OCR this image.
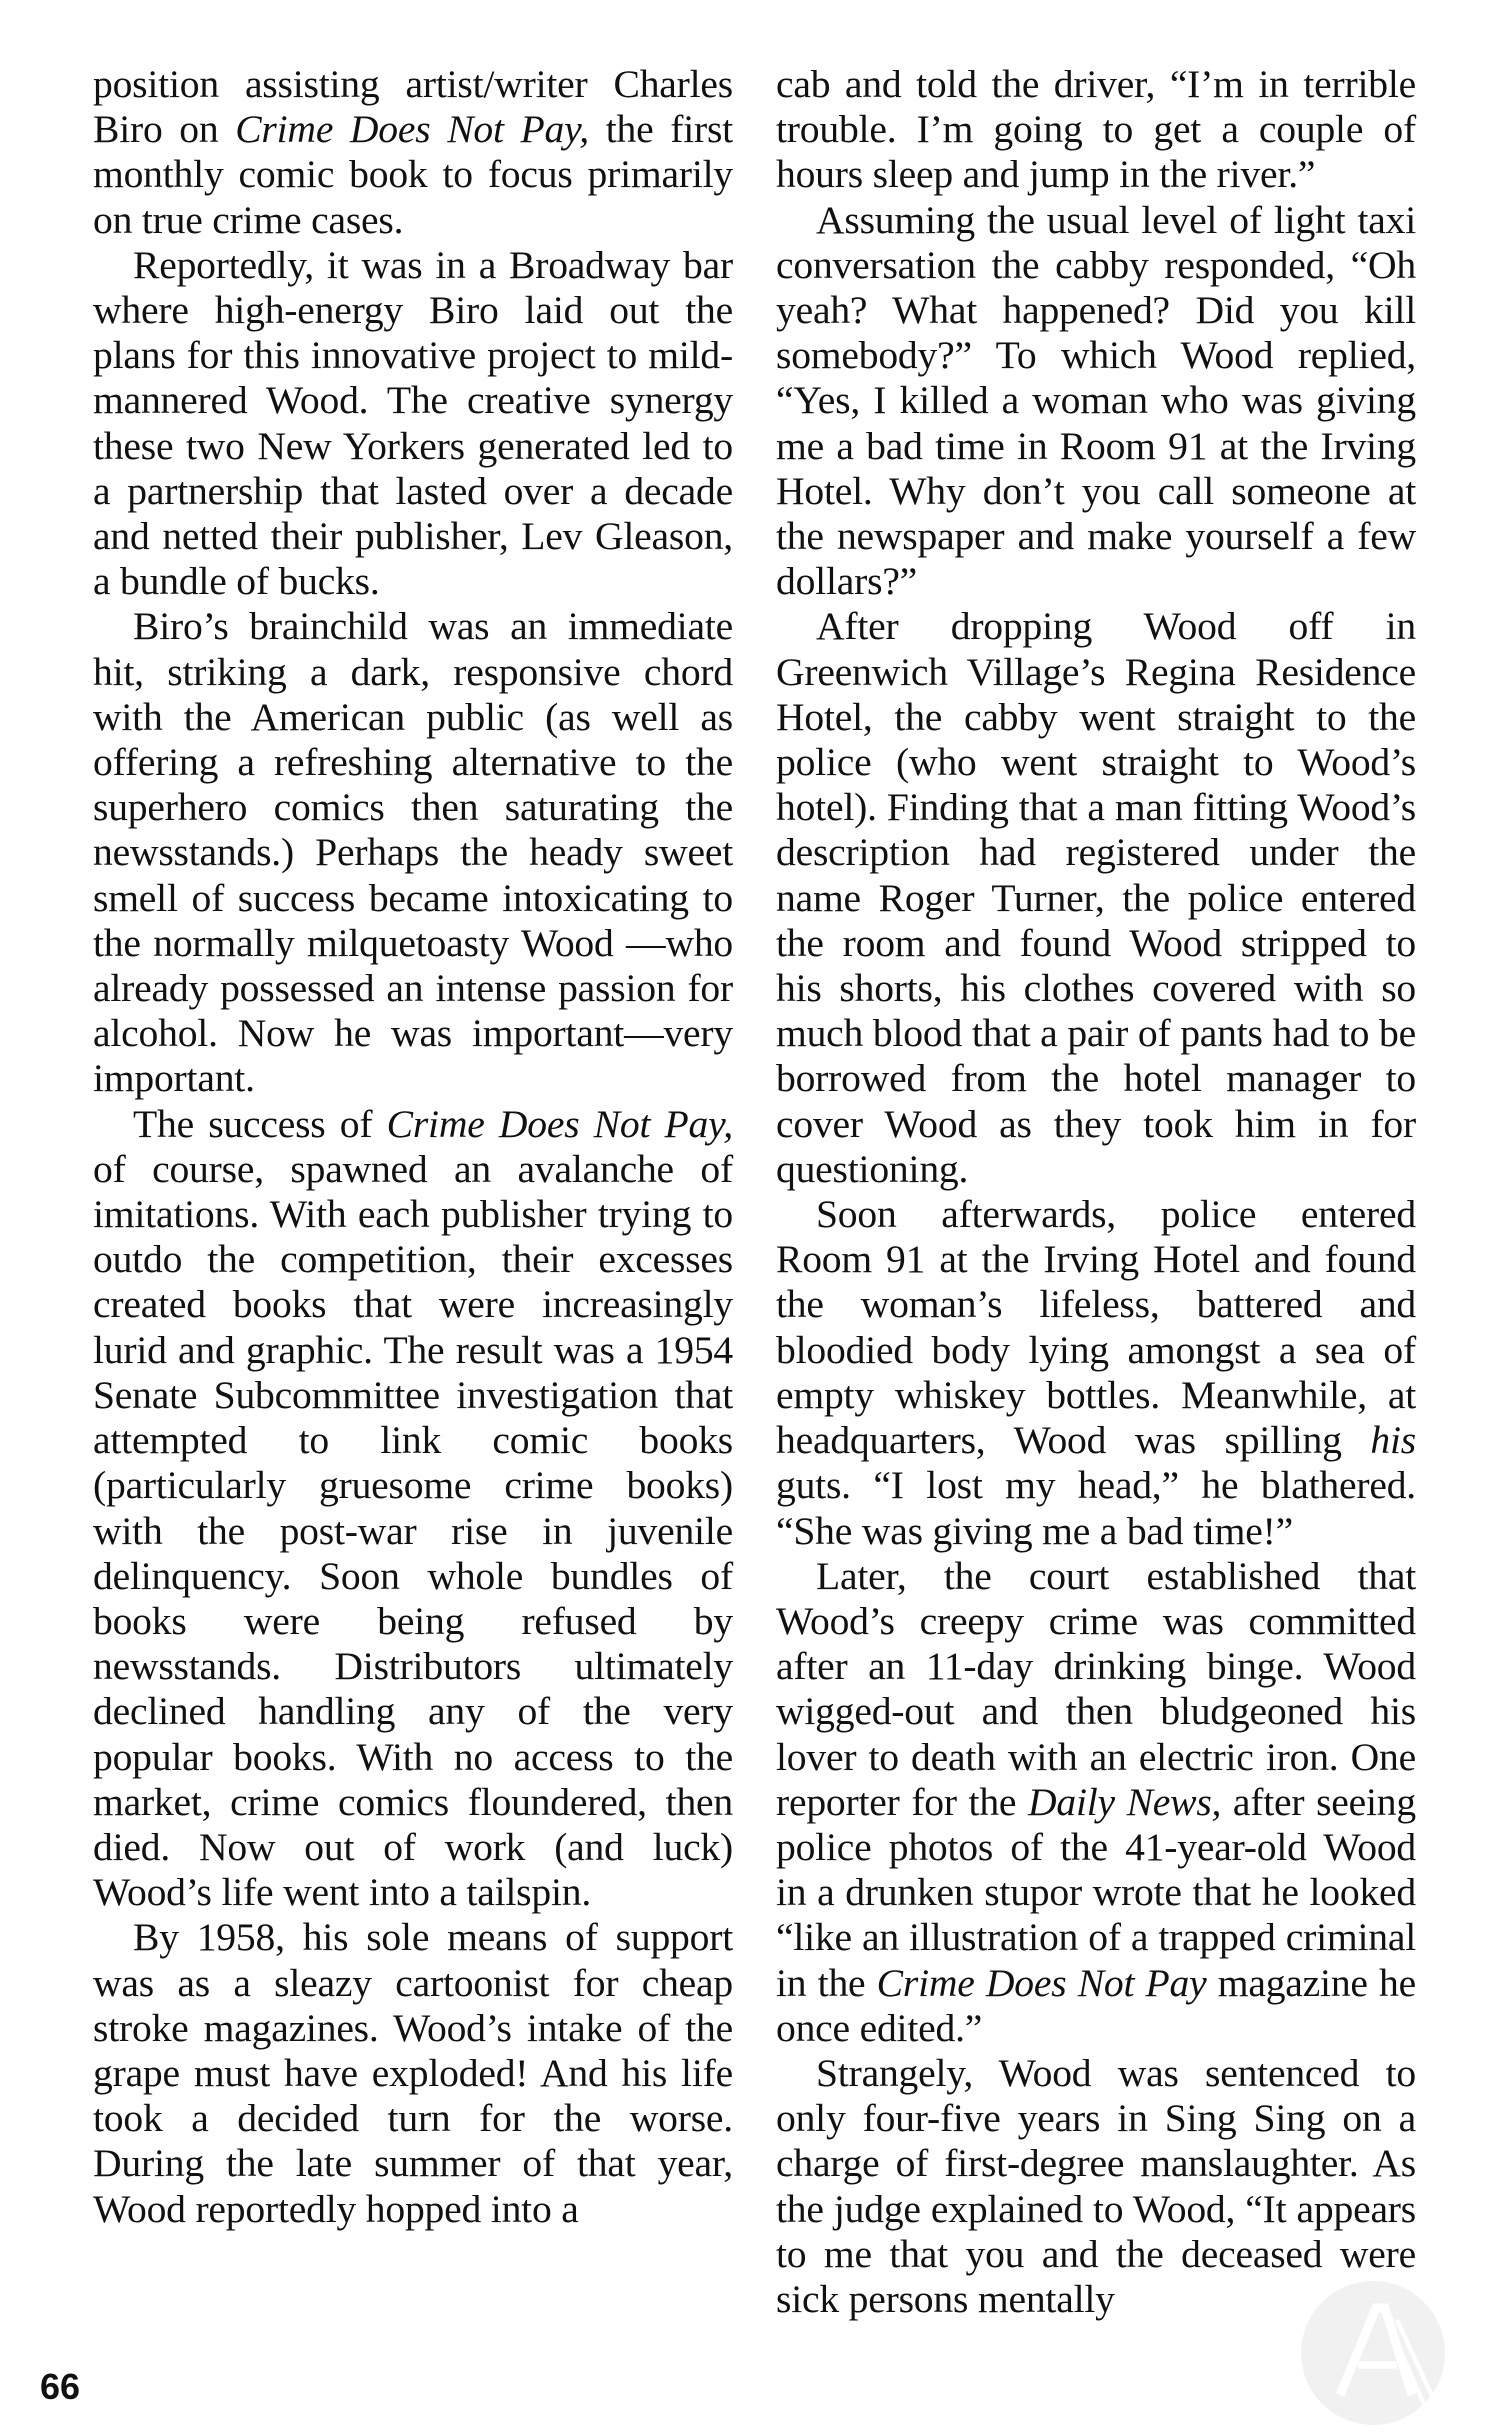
position assisting artist/writer Charles Biro on Crime Does Not Pay, the first monthly comic book to focus primarily on true crime cases.

Reportedly, it was in a Broadway bar where high-energy Biro laid out the plans for this innovative project to mild-mannered Wood. The creative synergy these two New Yorkers generated led to a partnership that lasted over a decade and netted their publisher, Lev Gleason, a bundle of bucks.

Biro’s brainchild was an immediate hit, striking a dark, responsive chord with the American public (as well as offering a refreshing alternative to the superhero comics then saturating the newsstands.) Perhaps the heady sweet smell of success became intoxicating to the normally milquetoasty Wood —who already possessed an intense passion for alcohol. Now he was important—very important.

The success of Crime Does Not Pay, of course, spawned an avalanche of imitations. With each publisher trying to outdo the competition, their excesses created books that were increasingly lurid and graphic. The result was a 1954 Senate Subcommittee investigation that attempted to link comic books (particularly gruesome crime books) with the post-war rise in juvenile delinquency. Soon whole bundles of books were being refused by newsstands. Distributors ultimately declined handling any of the very popular books. With no access to the market, crime comics floundered, then died. Now out of work (and luck) Wood’s life went into a tailspin.

By 1958, his sole means of support was as a sleazy cartoonist for cheap stroke magazines. Wood’s intake of the grape must have exploded! And his life took a decided turn for the worse. During the late summer of that year, Wood reportedly hopped into a

cab and told the driver, “I’m in terrible trouble. I’m going to get a couple of hours sleep and jump in the river.”

Assuming the usual level of light taxi conversation the cabby responded, “Oh yeah? What happened? Did you kill somebody?” To which Wood replied, “Yes, I killed a woman who was giving me a bad time in Room 91 at the Irving Hotel. Why don’t you call someone at the newspaper and make yourself a few dollars?”

After dropping Wood off in Greenwich Village’s Regina Residence Hotel, the cabby went straight to the police (who went straight to Wood’s hotel). Finding that a man fitting Wood’s description had registered under the name Roger Turner, the police entered the room and found Wood stripped to his shorts, his clothes covered with so much blood that a pair of pants had to be borrowed from the hotel manager to cover Wood as they took him in for questioning.

Soon afterwards, police entered Room 91 at the Irving Hotel and found the woman’s lifeless, battered and bloodied body lying amongst a sea of empty whiskey bottles. Meanwhile, at headquarters, Wood was spilling his guts. “I lost my head,” he blathered. “She was giving me a bad time!”

Later, the court established that Wood’s creepy crime was committed after an 11-day drinking binge. Wood wigged-out and then bludgeoned his lover to death with an electric iron. One reporter for the Daily News, after seeing police photos of the 41-year-old Wood in a drunken stupor wrote that he looked “like an illustration of a trapped criminal in the Crime Does Not Pay magazine he once edited.”

Strangely, Wood was sentenced to only four-five years in Sing Sing on a charge of first-degree manslaughter. As the judge explained to Wood, “It appears to me that you and the deceased were sick persons mentally

66
